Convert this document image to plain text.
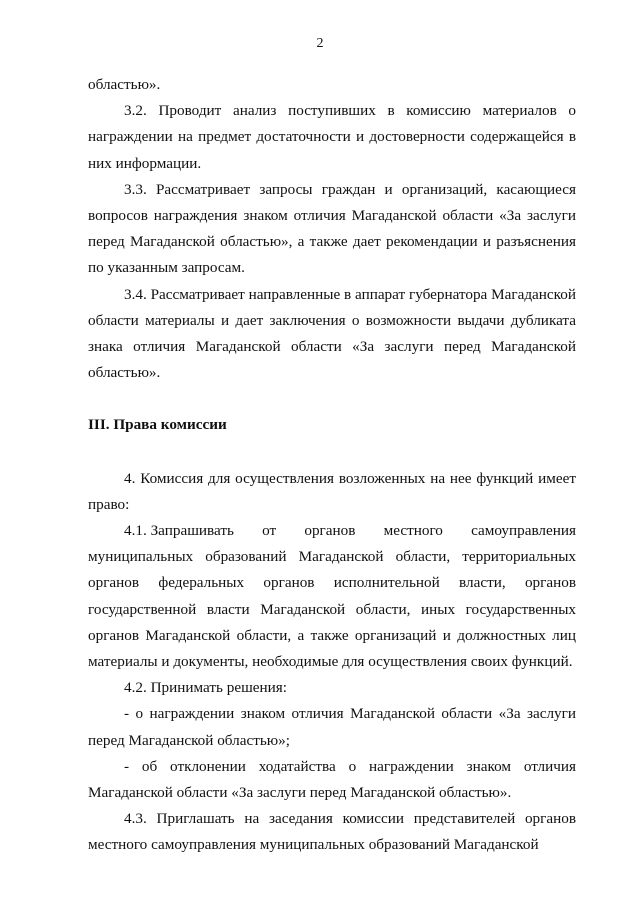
2

областью».

3.2. Проводит анализ поступивших в комиссию материалов о награждении на предмет достаточности и достоверности содержащейся в них информации.

3.3. Рассматривает запросы граждан и организаций, касающиеся вопросов награждения знаком отличия Магаданской области «За заслуги перед Магаданской областью», а также дает рекомендации и разъяснения по указанным запросам.

3.4. Рассматривает направленные в аппарат губернатора Магаданской области материалы и дает заключения о возможности выдачи дубликата знака отличия Магаданской области «За заслуги перед Магаданской областью».

III. Права комиссии

4. Комиссия для осуществления возложенных на нее функций имеет право:

4.1. Запрашивать от органов местного самоуправления

муниципальных образований Магаданской области, территориальных органов федеральных органов исполнительной власти, органов государственной власти Магаданской области, иных государственных органов Магаданской области, а также организаций и должностных лиц материалы и документы, необходимые для осуществления своих функций.

4.2. Принимать решения:

- о награждении знаком отличия Магаданской области «За заслуги перед Магаданской областью»;

- об отклонении ходатайства о награждении знаком отличия Магаданской области «За заслуги перед Магаданской областью».

4.3. Приглашать на заседания комиссии представителей органов местного самоуправления муниципальных образований Магаданской
